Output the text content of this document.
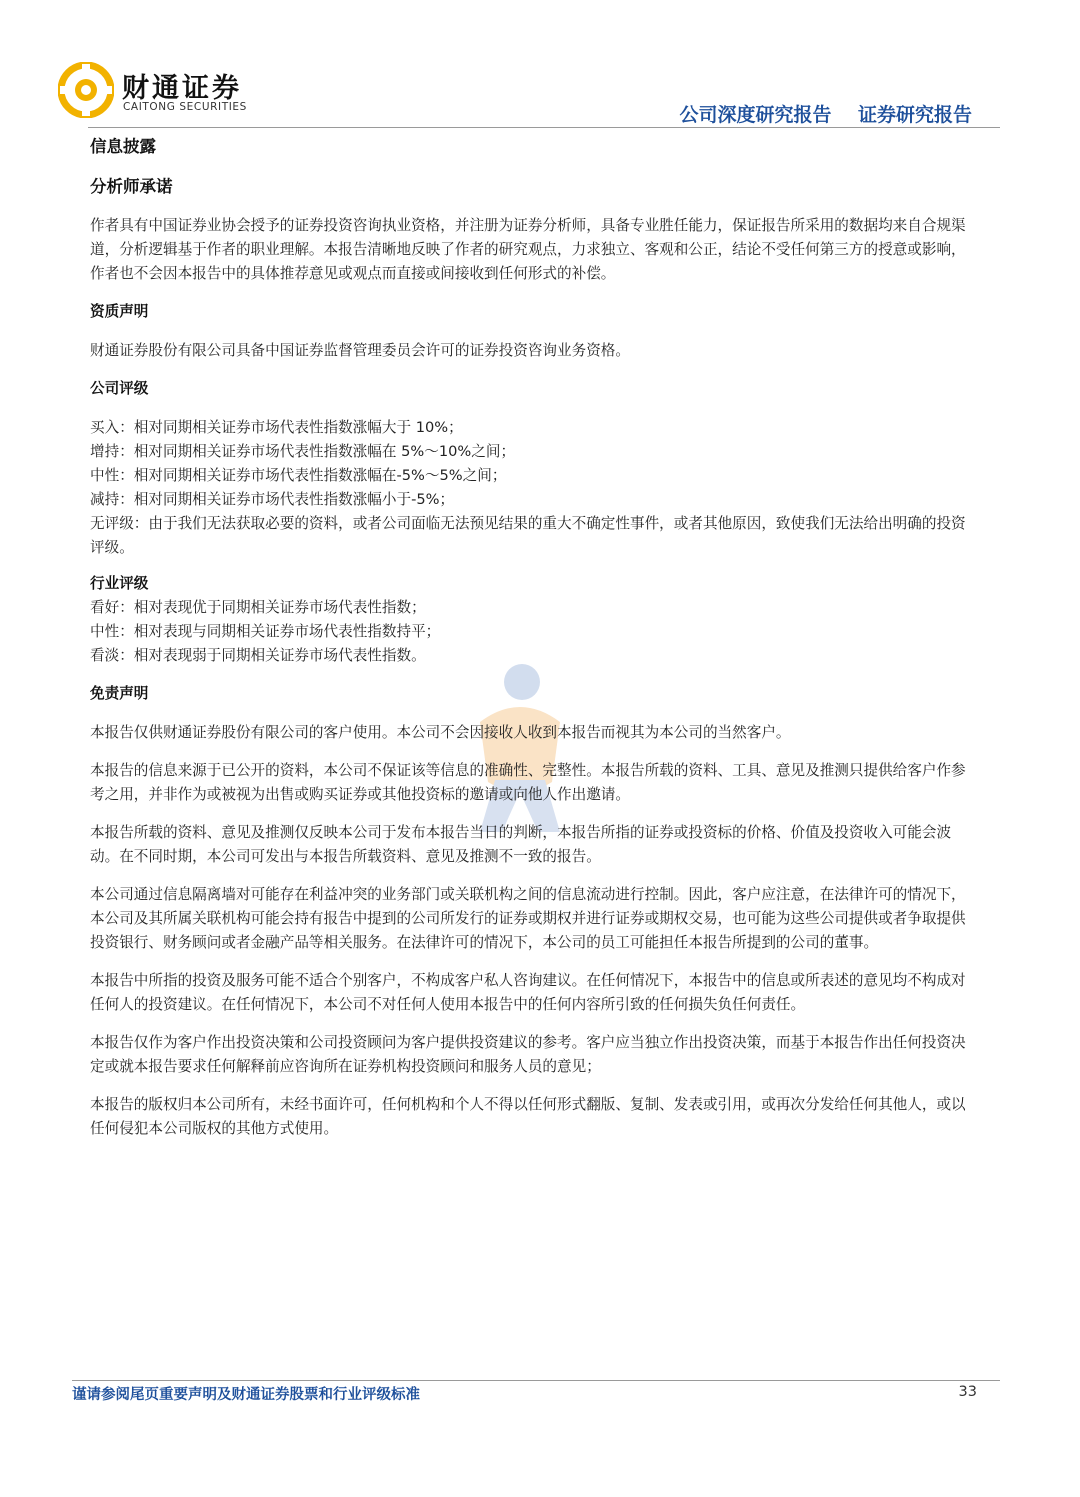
财通证券
CAITONG SECURITIES	公司深度研究报告    证券研究报告
信息披露
分析师承诺

作者具有中国证券业协会授予的证券投资咨询执业资格，并注册为证券分析师，具备专业胜任能力，保证报告所采用的数据均来自合规渠道，分析逻辑基于作者的职业理解。本报告清晰地反映了作者的研究观点，力求独立、客观和公正，结论不受任何第三方的授意或影响，作者也不会因本报告中的具体推荐意见或观点而直接或间接收到任何形式的补偿。

资质声明

财通证券股份有限公司具备中国证券监督管理委员会许可的证券投资咨询业务资格。

公司评级

买入：相对同期相关证券市场代表性指数涨幅大于 10%；

增持：相对同期相关证券市场代表性指数涨幅在 5%～10%之间；

中性：相对同期相关证券市场代表性指数涨幅在-5%～5%之间；

减持：相对同期相关证券市场代表性指数涨幅小于-5%；

无评级：由于我们无法获取必要的资料，或者公司面临无法预见结果的重大不确定性事件，或者其他原因，致使我们无法给出明确的投资评级。

行业评级

看好：相对表现优于同期相关证券市场代表性指数；

中性：相对表现与同期相关证券市场代表性指数持平；

看淡：相对表现弱于同期相关证券市场代表性指数。

免责声明

本报告仅供财通证券股份有限公司的客户使用。本公司不会因接收人收到本报告而视其为本公司的当然客户。

本报告的信息来源于已公开的资料，本公司不保证该等信息的准确性、完整性。本报告所载的资料、工具、意见及推测只提供给客户作参考之用，并非作为或被视为出售或购买证券或其他投资标的邀请或向他人作出邀请。

本报告所载的资料、意见及推测仅反映本公司于发布本报告当日的判断，本报告所指的证券或投资标的价格、价值及投资收入可能会波动。在不同时期，本公司可发出与本报告所载资料、意见及推测不一致的报告。

本公司通过信息隔离墙对可能存在利益冲突的业务部门或关联机构之间的信息流动进行控制。因此，客户应注意，在法律许可的情况下，本公司及其所属关联机构可能会持有报告中提到的公司所发行的证券或期权并进行证券或期权交易，也可能为这些公司提供或者争取提供投资银行、财务顾问或者金融产品等相关服务。在法律许可的情况下，本公司的员工可能担任本报告所提到的公司的董事。

本报告中所指的投资及服务可能不适合个别客户，不构成客户私人咨询建议。在任何情况下，本报告中的信息或所表述的意见均不构成对任何人的投资建议。在任何情况下，本公司不对任何人使用本报告中的任何内容所引致的任何损失负任何责任。

本报告仅作为客户作出投资决策和公司投资顾问为客户提供投资建议的参考。客户应当独立作出投资决策，而基于本报告作出任何投资决定或就本报告要求任何解释前应咨询所在证券机构投资顾问和服务人员的意见；

本报告的版权归本公司所有，未经书面许可，任何机构和个人不得以任何形式翻版、复制、发表或引用，或再次分发给任何其他人，或以任何侵犯本公司版权的其他方式使用。

谨请参阅尾页重要声明及财通证券股票和行业评级标准	33
